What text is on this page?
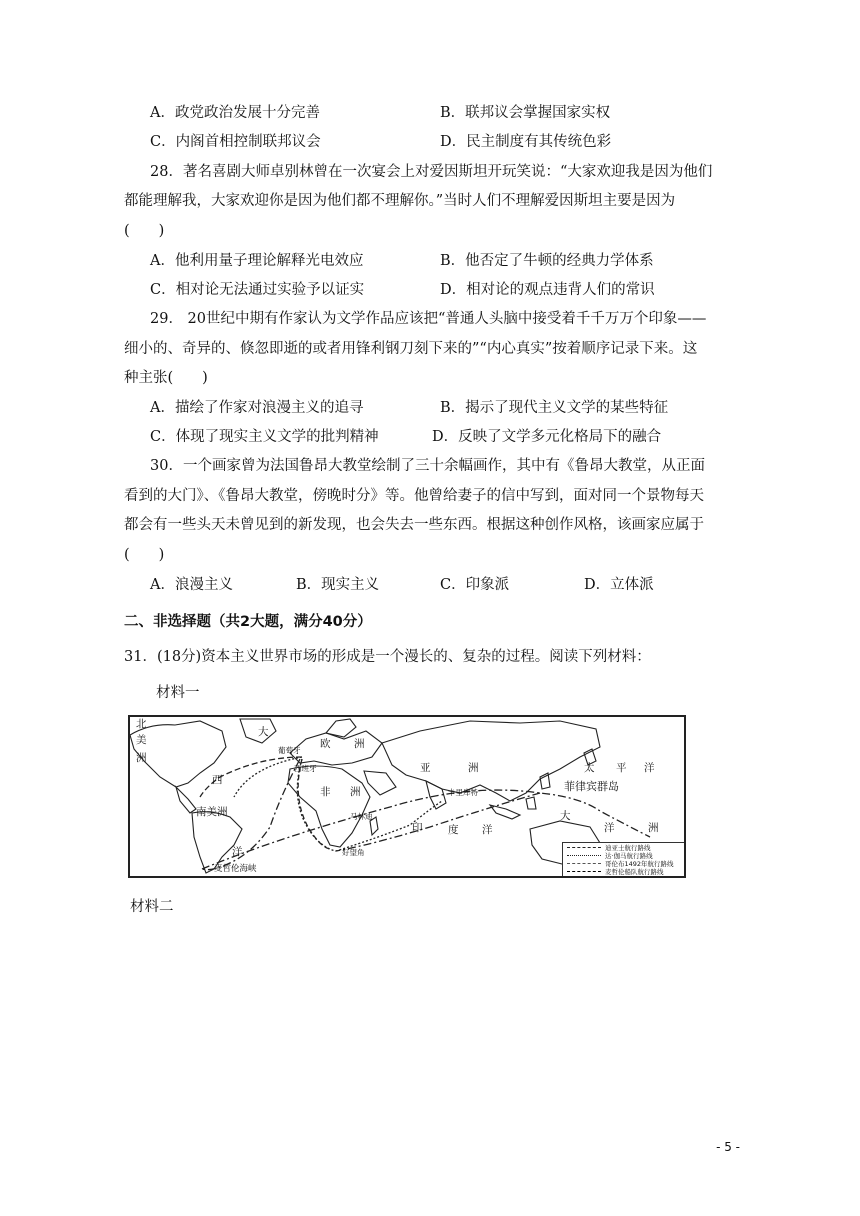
A．政党政治发展十分完善	B．联邦议会掌握国家实权
C．内阁首相控制联邦议会	D．民主制度有其传统色彩
28．著名喜剧大师卓别林曾在一次宴会上对爱因斯坦开玩笑说：“大家欢迎我是因为他们
都能理解我，大家欢迎你是因为他们都不理解你。”当时人们不理解爱因斯坦主要是因为
(　　)
A．他利用量子理论解释光电效应	B．他否定了牛顿的经典力学体系
C．相对论无法通过实验予以证实	D．相对论的观点违背人们的常识
29． 20世纪中期有作家认为文学作品应该把“普通人头脑中接受着千千万万个印象——
细小的、奇异的、倏忽即逝的或者用锋利钢刀刻下来的”“内心真实”按着顺序记录下来。这
种主张(　　)
A．描绘了作家对浪漫主义的追寻	B．揭示了现代主义文学的某些特征
C．体现了现实主义文学的批判精神	D．反映了文学多元化格局下的融合
30．一个画家曾为法国鲁昂大教堂绘制了三十余幅画作，其中有《鲁昂大教堂，从正面
看到的大门》、《鲁昂大教堂，傍晚时分》等。他曾给妻子的信中写到，面对同一个景物每天
都会有一些头天未曾见到的新发现，也会失去一些东西。根据这种创作风格，该画家应属于
(　　)
A．浪漫主义	B．现实主义	C．印象派	D．立体派
二、非选择题（共2大题，满分40分）
31．(18分)资本主义世界市场的形成是一个漫长的、复杂的过程。阅读下列材料：
材料一
北
美
洲
大
欧 洲
西
亚	洲
非 洲
南美洲
洋
印 度 洋
太 平 洋
大
洋	洲
菲律宾群岛
麦哲伦海峡
葡萄牙
西班牙
卡里库特
好望角
马林迪
迪亚士航行路线
达·伽马航行路线
哥伦布1492年航行路线
麦哲伦船队航行路线
材料二
- 5 -
